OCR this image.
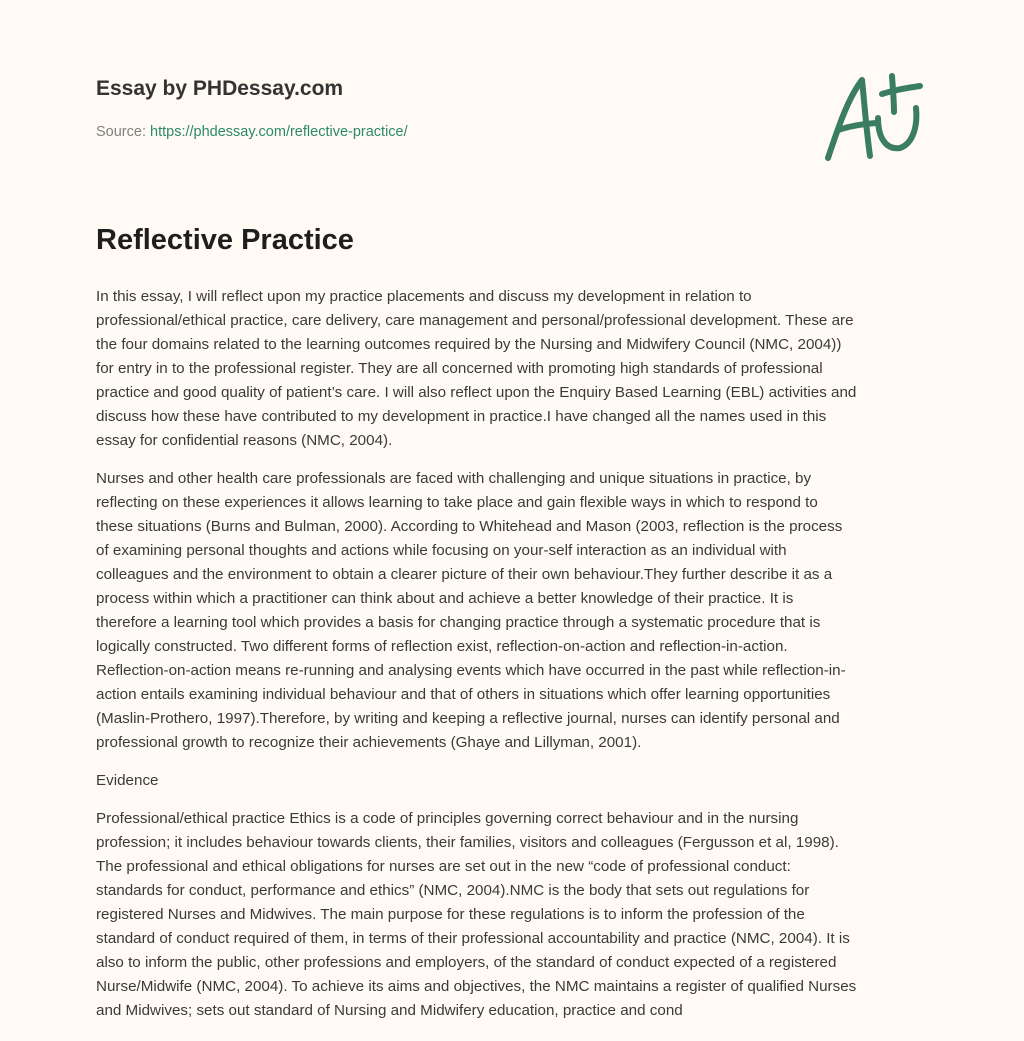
Essay by PHDessay.com
Source: https://phdessay.com/reflective-practice/
Reflective Practice

In this essay, I will reflect upon my practice placements and discuss my development in relation to
professional/ethical practice, care delivery, care management and personal/professional development. These are
the four domains related to the learning outcomes required by the Nursing and Midwifery Council (NMC, 2004))
for entry in to the professional register. They are all concerned with promoting high standards of professional
practice and good quality of patient’s care. I will also reflect upon the Enquiry Based Learning (EBL) activities and
discuss how these have contributed to my development in practice.I have changed all the names used in this
essay for confidential reasons (NMC, 2004).

Nurses and other health care professionals are faced with challenging and unique situations in practice, by
reflecting on these experiences it allows learning to take place and gain flexible ways in which to respond to
these situations (Burns and Bulman, 2000). According to Whitehead and Mason (2003, reflection is the process
of examining personal thoughts and actions while focusing on your-self interaction as an individual with
colleagues and the environment to obtain a clearer picture of their own behaviour.They further describe it as a
process within which a practitioner can think about and achieve a better knowledge of their practice. It is
therefore a learning tool which provides a basis for changing practice through a systematic procedure that is
logically constructed. Two different forms of reflection exist, reflection-on-action and reflection-in-action.
Reflection-on-action means re-running and analysing events which have occurred in the past while reflection-in-
action entails examining individual behaviour and that of others in situations which offer learning opportunities
(Maslin-Prothero, 1997).Therefore, by writing and keeping a reflective journal, nurses can identify personal and
professional growth to recognize their achievements (Ghaye and Lillyman, 2001).

Evidence

Professional/ethical practice Ethics is a code of principles governing correct behaviour and in the nursing
profession; it includes behaviour towards clients, their families, visitors and colleagues (Fergusson et al, 1998).
The professional and ethical obligations for nurses are set out in the new “code of professional conduct:
standards for conduct, performance and ethics” (NMC, 2004).NMC is the body that sets out regulations for
registered Nurses and Midwives. The main purpose for these regulations is to inform the profession of the
standard of conduct required of them, in terms of their professional accountability and practice (NMC, 2004). It is
also to inform the public, other professions and employers, of the standard of conduct expected of a registered
Nurse/Midwife (NMC, 2004). To achieve its aims and objectives, the NMC maintains a register of qualified Nurses
and Midwives; sets out standard of Nursing and Midwifery education, practice and cond
